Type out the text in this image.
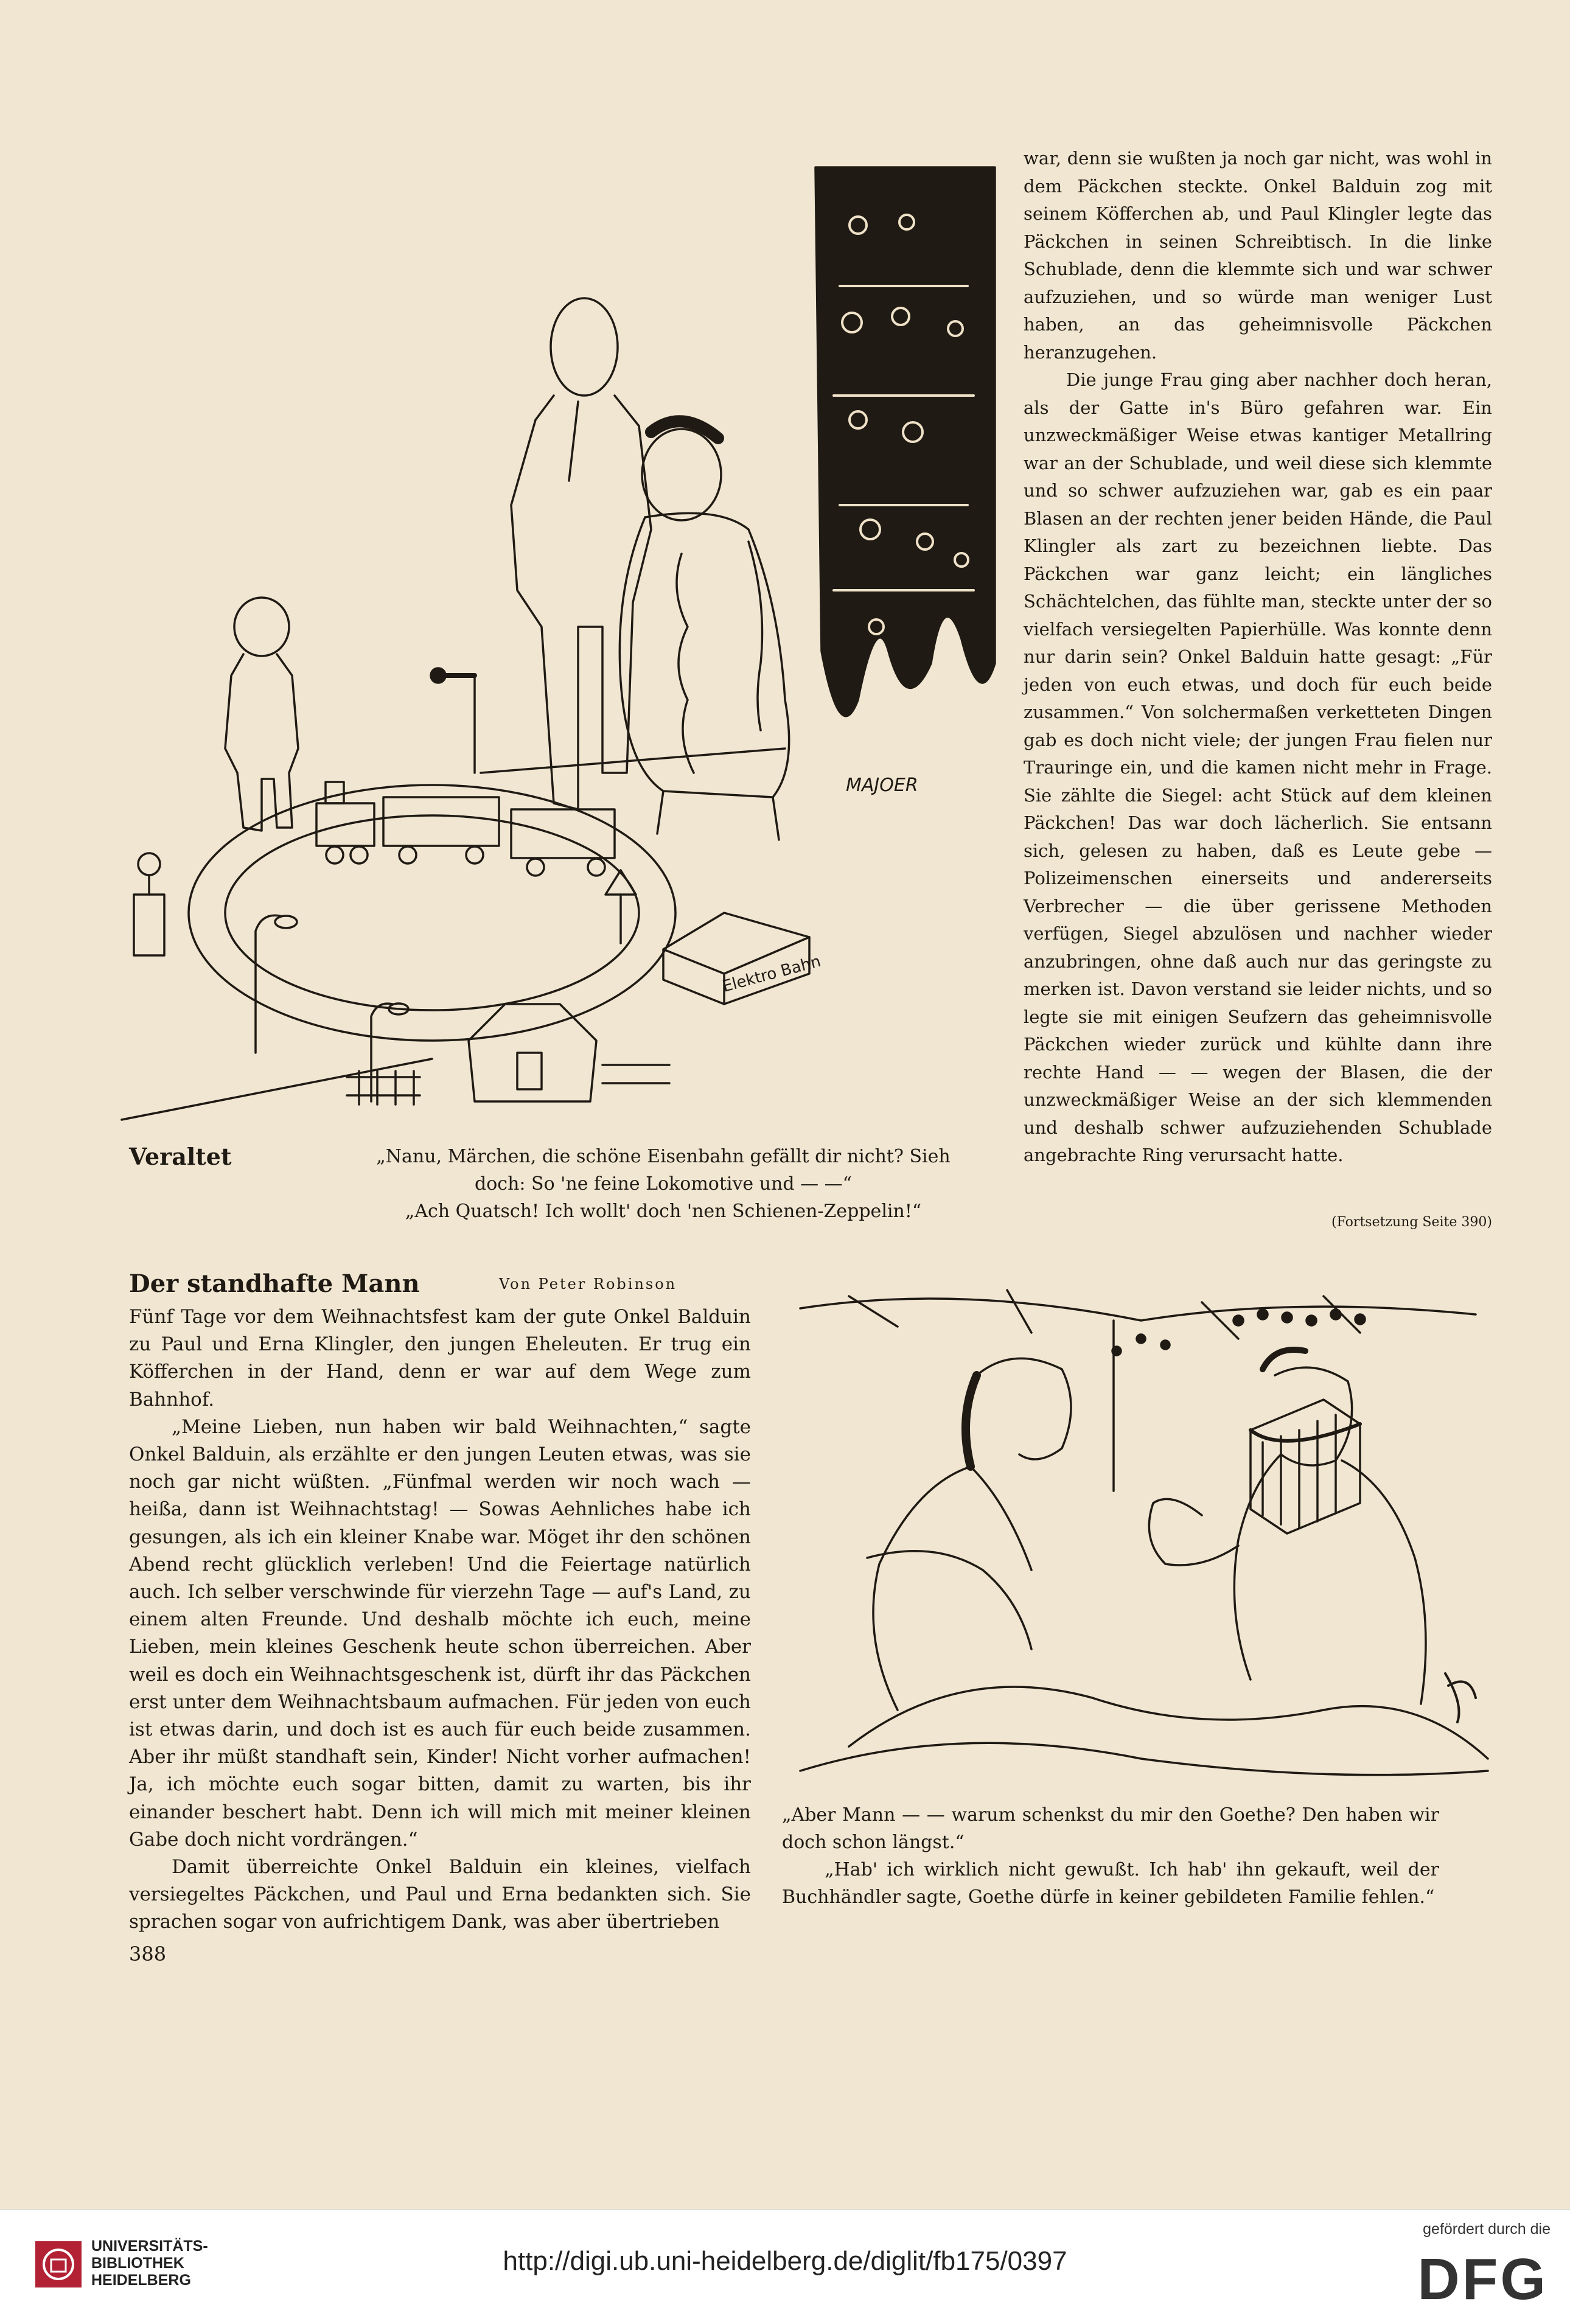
Elektro Bahn
MAJOER

war, denn sie wußten ja noch gar nicht, was wohl in dem Päckchen steckte. Onkel Balduin zog mit seinem Köfferchen ab, und Paul Klingler legte das Päckchen in seinen Schreibtisch. In die linke Schublade, denn die klemmte sich und war schwer aufzuziehen, und so würde man weniger Lust haben, an das geheimnisvolle Päckchen heranzugehen.

Die junge Frau ging aber nachher doch heran, als der Gatte in's Büro gefahren war. Ein unzweckmäßiger Weise etwas kantiger Metallring war an der Schublade, und weil diese sich klemmte und so schwer aufzuziehen war, gab es ein paar Blasen an der rechten jener beiden Hände, die Paul Klingler als zart zu bezeichnen liebte. Das Päckchen war ganz leicht; ein längliches Schächtelchen, das fühlte man, steckte unter der so vielfach versiegelten Papierhülle. Was konnte denn nur darin sein? Onkel Balduin hatte gesagt: „Für jeden von euch etwas, und doch für euch beide zusammen.“ Von solchermaßen verketteten Dingen gab es doch nicht viele; der jungen Frau fielen nur Trauringe ein, und die kamen nicht mehr in Frage. Sie zählte die Siegel: acht Stück auf dem kleinen Päckchen! Das war doch lächerlich. Sie entsann sich, gelesen zu haben, daß es Leute gebe — Polizeimenschen einerseits und andererseits Verbrecher — die über gerissene Methoden verfügen, Siegel abzulösen und nachher wieder anzubringen, ohne daß auch nur das geringste zu merken ist. Davon verstand sie leider nichts, und so legte sie mit einigen Seufzern das geheimnisvolle Päckchen wieder zurück und kühlte dann ihre rechte Hand — — wegen der Blasen, die der unzweckmäßiger Weise an der sich klemmenden und deshalb schwer aufzuziehenden Schublade angebrachte Ring verursacht hatte.

(Fortsetzung Seite 390)
Veraltet	„Nanu, Märchen, die schöne Eisenbahn gefällt dir nicht? Sieh
doch: So 'ne feine Lokomotive und — —“
„Ach Quatsch! Ich wollt' doch 'nen Schienen-Zeppelin!“
Der standhafte Mann	Von Peter Robinson

Fünf Tage vor dem Weihnachtsfest kam der gute Onkel Balduin zu Paul und Erna Klingler, den jungen Eheleuten. Er trug ein Köfferchen in der Hand, denn er war auf dem Wege zum Bahnhof.

„Meine Lieben, nun haben wir bald Weihnachten,“ sagte Onkel Balduin, als erzählte er den jungen Leuten etwas, was sie noch gar nicht wüßten. „Fünfmal werden wir noch wach — heißa, dann ist Weihnachtstag! — Sowas Aehnliches habe ich gesungen, als ich ein kleiner Knabe war. Möget ihr den schönen Abend recht glücklich verleben! Und die Feiertage natürlich auch. Ich selber verschwinde für vierzehn Tage — auf's Land, zu einem alten Freunde. Und deshalb möchte ich euch, meine Lieben, mein kleines Geschenk heute schon überreichen. Aber weil es doch ein Weihnachtsgeschenk ist, dürft ihr das Päckchen erst unter dem Weihnachtsbaum aufmachen. Für jeden von euch ist etwas darin, und doch ist es auch für euch beide zusammen. Aber ihr müßt standhaft sein, Kinder! Nicht vorher aufmachen! Ja, ich möchte euch sogar bitten, damit zu warten, bis ihr einander beschert habt. Denn ich will mich mit meiner kleinen Gabe doch nicht vordrängen.“

Damit überreichte Onkel Balduin ein kleines, vielfach versiegeltes Päckchen, und Paul und Erna bedankten sich. Sie sprachen sogar von aufrichtigem Dank, was aber übertrieben

„Aber Mann — — warum schenkst du mir den Goethe? Den haben wir doch schon längst.“

„Hab' ich wirklich nicht gewußt. Ich hab' ihn gekauft, weil der Buchhändler sagte, Goethe dürfe in keiner gebildeten Familie fehlen.“

388
UNIVERSITÄTS-
BIBLIOTHEK
HEIDELBERG
http://digi.ub.uni-heidelberg.de/diglit/fb175/0397
gefördert durch die
DFG
